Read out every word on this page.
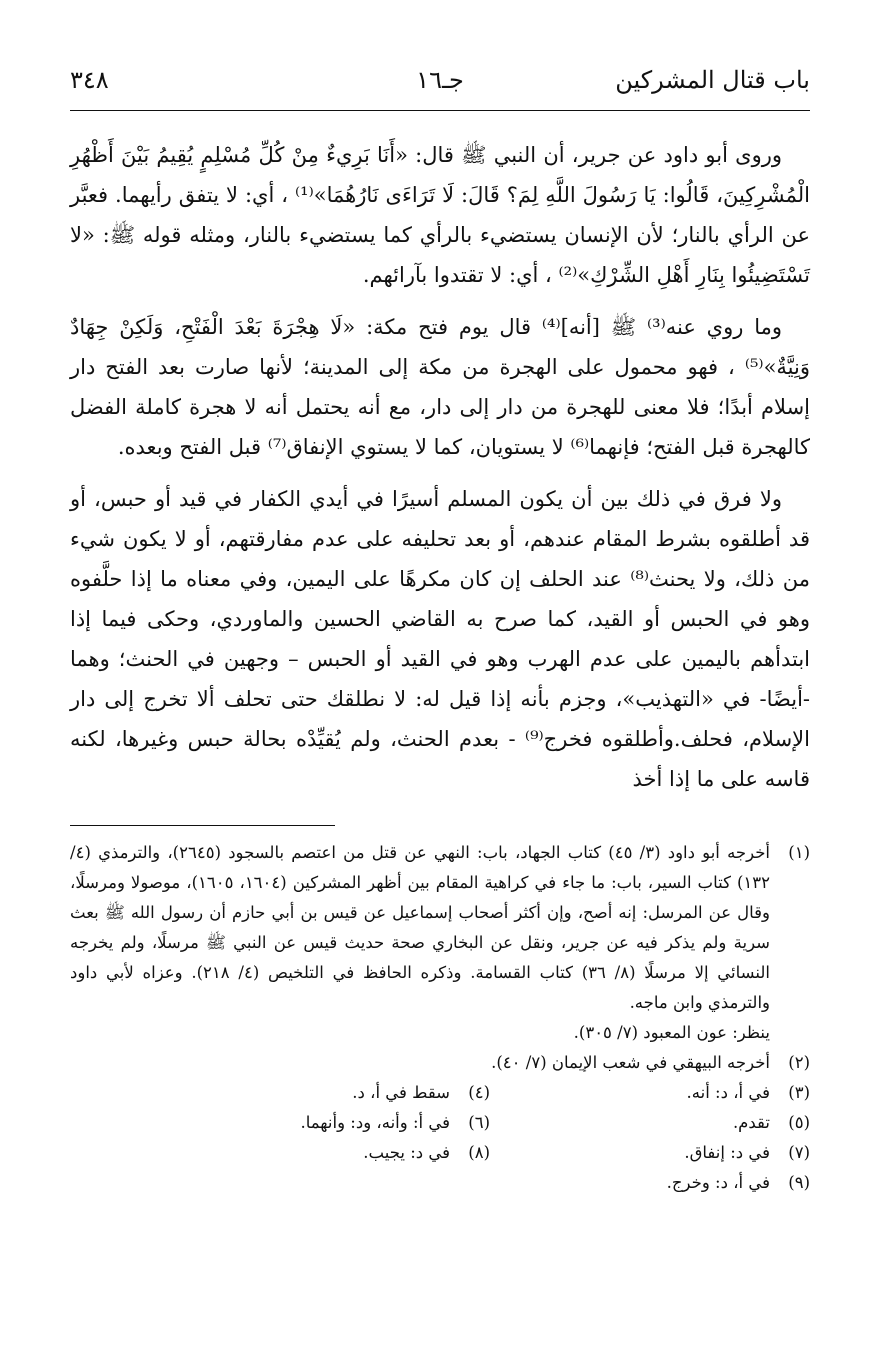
باب قتال المشركين
جـ١٦
٣٤٨

وروى أبو داود عن جرير، أن النبي ﷺ قال: «أَنَا بَرِيءٌ مِنْ كُلِّ مُسْلِمٍ يُقِيمُ بَيْنَ أَظْهُرِ الْمُشْرِكِينَ، قَالُوا: يَا رَسُولَ اللَّهِ لِمَ؟ قَالَ: لَا تَرَاءَى نَارُهُمَا»⁽¹⁾ ، أي: لا يتفق رأيهما. فعبَّر عن الرأي بالنار؛ لأن الإنسان يستضيء بالرأي كما يستضيء بالنار، ومثله قوله ﷺ: «لا تَسْتَضِيئُوا بِنَارِ أَهْلِ الشِّرْكِ»⁽²⁾ ، أي: لا تقتدوا بآرائهم.

وما روي عنه⁽³⁾ ﷺ [أنه]⁽⁴⁾ قال يوم فتح مكة: «لَا هِجْرَةَ بَعْدَ الْفَتْحِ، وَلَكِنْ جِهَادٌ وَنِيَّةٌ»⁽⁵⁾ ، فهو محمول على الهجرة من مكة إلى المدينة؛ لأنها صارت بعد الفتح دار إسلام أبدًا؛ فلا معنى للهجرة من دار إلى دار، مع أنه يحتمل أنه لا هجرة كاملة الفضل كالهجرة قبل الفتح؛ فإنهما⁽⁶⁾ لا يستويان، كما لا يستوي الإنفاق⁽⁷⁾ قبل الفتح وبعده.

ولا فرق في ذلك بين أن يكون المسلم أسيرًا في أيدي الكفار في قيد أو حبس، أو قد أطلقوه بشرط المقام عندهم، أو بعد تحليفه على عدم مفارقتهم، أو لا يكون شيء من ذلك، ولا يحنث⁽⁸⁾ عند الحلف إن كان مكرهًا على اليمين، وفي معناه ما إذا حلَّفوه وهو في الحبس أو القيد، كما صرح به القاضي الحسين والماوردي، وحكى فيما إذا ابتدأهم باليمين على عدم الهرب وهو في القيد أو الحبس – وجهين في الحنث؛ وهما -أيضًا- في «التهذيب»، وجزم بأنه إذا قيل له: لا نطلقك حتى تحلف ألا تخرج إلى دار الإسلام، فحلف.وأطلقوه فخرج⁽⁹⁾ - بعدم الحنث، ولم يُقيِّدْه بحالة حبس وغيرها، لكنه قاسه على ما إذا أخذ

(١)
أخرجه أبو داود (٣/ ٤٥) كتاب الجهاد، باب: النهي عن قتل من اعتصم بالسجود (٢٦٤٥)، والترمذي (٤/ ١٣٢) كتاب السير، باب: ما جاء في كراهية المقام بين أظهر المشركين (١٦٠٤، ١٦٠٥)، موصولا ومرسلًا، وقال عن المرسل: إنه أصح، وإن أكثر أصحاب إسماعيل عن قيس بن أبي حازم أن رسول الله ﷺ بعث سرية ولم يذكر فيه عن جرير، ونقل عن البخاري صحة حديث قيس عن النبي ﷺ مرسلًا، ولم يخرجه النسائي إلا مرسلًا (٨/ ٣٦) كتاب القسامة. وذكره الحافظ في التلخيص (٤/ ٢١٨). وعزاه لأبي داود والترمذي وابن ماجه.
ينظر: عون المعبود (٧/ ٣٠٥).
(٢)
أخرجه البيهقي في شعب الإيمان (٧/ ٤٠).
(٣)
في أ، د: أنه.
(٤)
سقط في أ، د.
(٥)
تقدم.
(٦)
في أ: وأنه، ود: وأنهما.
(٧)
في د: إنفاق.
(٨)
في د: يجيب.
(٩)
في أ، د: وخرج.
